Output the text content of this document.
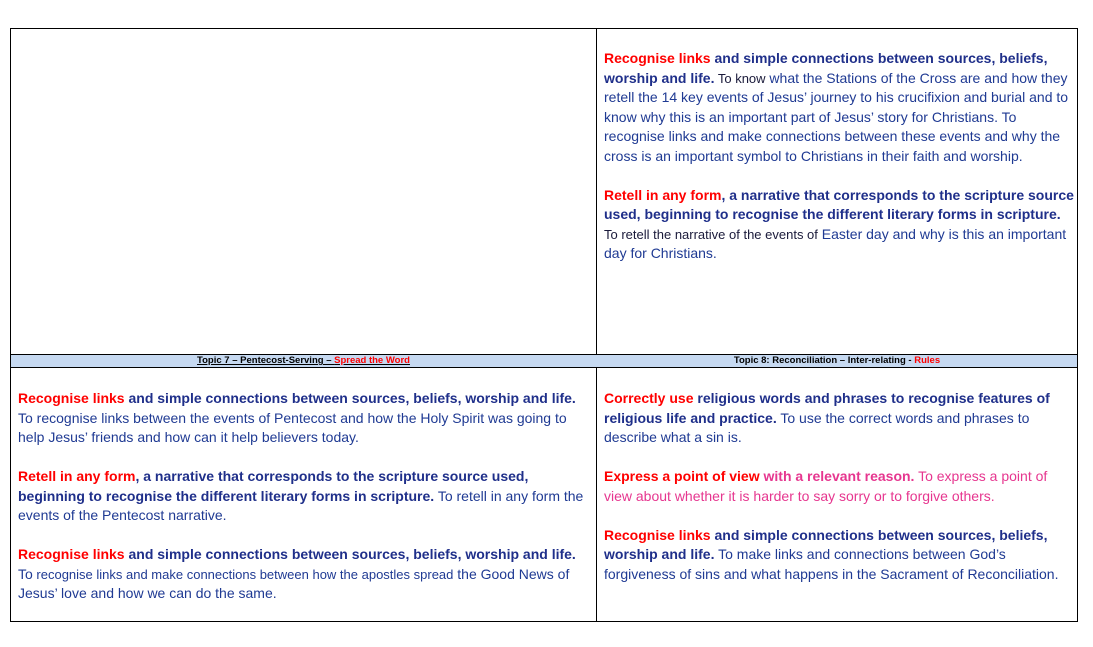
Recognise links and simple connections between sources, beliefs, worship and life. To know what the Stations of the Cross are and how they retell the 14 key events of Jesus’ journey to his crucifixion and burial and to know why this is an important part of Jesus’ story for Christians. To recognise links and make connections between these events and why the cross is an important symbol to Christians in their faith and worship.

Retell in any form, a narrative that corresponds to the scripture source used, beginning to recognise the different literary forms in scripture. To retell the narrative of the events of Easter day and why is this an important day for Christians.

Topic 7 – Pentecost-Serving – Spread the Word	Topic 8: Reconciliation – Inter-relating - Rules

Recognise links and simple connections between sources, beliefs, worship and life. To recognise links between the events of Pentecost and how the Holy Spirit was going to help Jesus’ friends and how can it help believers today.

Retell in any form, a narrative that corresponds to the scripture source used, beginning to recognise the different literary forms in scripture. To retell in any form the events of the Pentecost narrative.

Recognise links and simple connections between sources, beliefs, worship and life. To recognise links and make connections between how the apostles spread the Good News of Jesus’ love and how we can do the same.

Correctly use religious words and phrases to recognise features of religious life and practice. To use the correct words and phrases to describe what a sin is.

Express a point of view with a relevant reason. To express a point of view about whether it is harder to say sorry or to forgive others.

Recognise links and simple connections between sources, beliefs, worship and life. To make links and connections between God’s forgiveness of sins and what happens in the Sacrament of Reconciliation.
